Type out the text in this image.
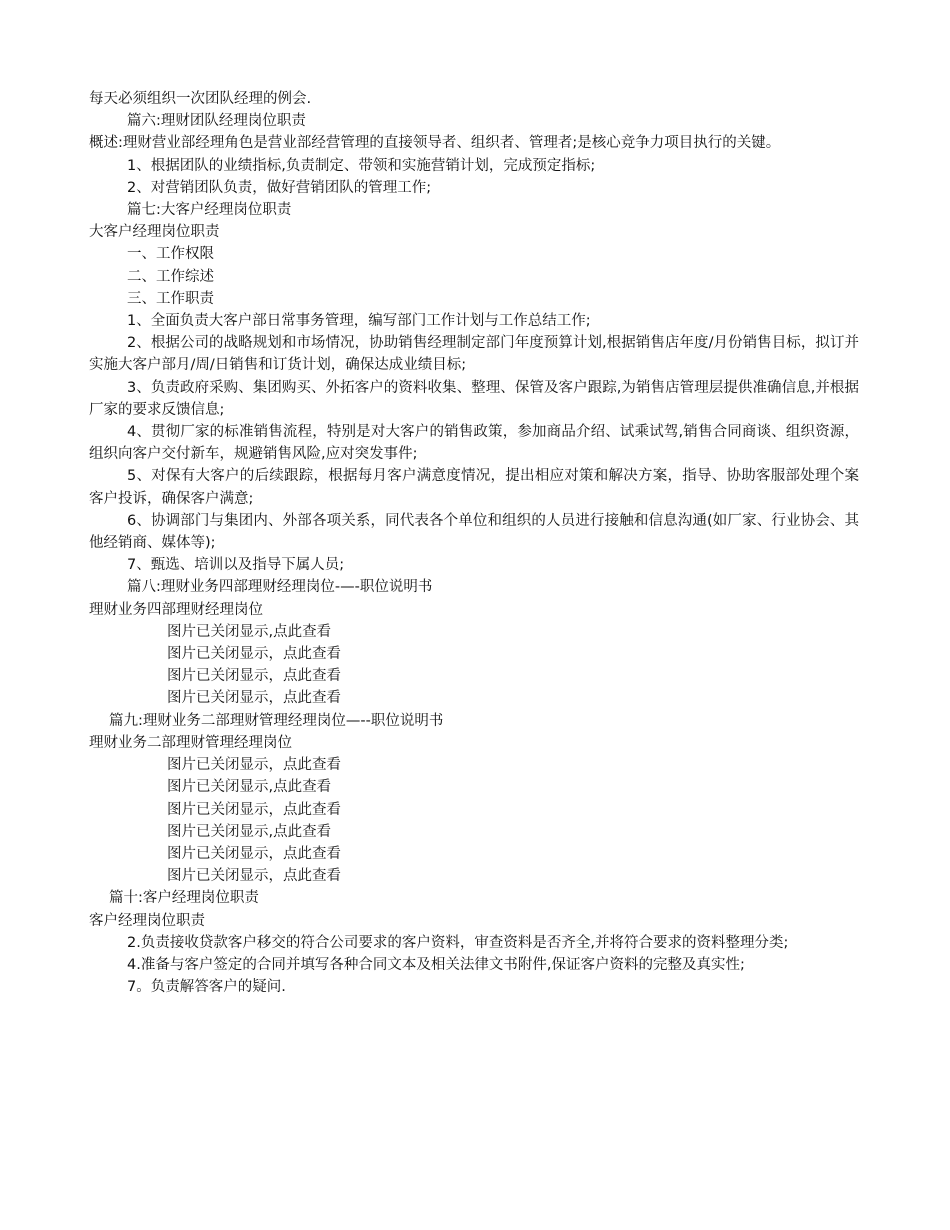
每天必须组织一次团队经理的例会.
篇六:理财团队经理岗位职责
概述:理财营业部经理角色是营业部经营管理的直接领导者、组织者、管理者;是核心竞争力项目执行的关键。
1、根据团队的业绩指标,负责制定、带领和实施营销计划，完成预定指标;
2、对营销团队负责，做好营销团队的管理工作;
篇七:大客户经理岗位职责
大客户经理岗位职责
一、工作权限
二、工作综述
三、工作职责
1、全面负责大客户部日常事务管理，编写部门工作计划与工作总结工作;
2、根据公司的战略规划和市场情况，协助销售经理制定部门年度预算计划,根据销售店年度/月份销售目标，拟订并实施大客户部月/周/日销售和订货计划，确保达成业绩目标;
3、负责政府采购、集团购买、外拓客户的资料收集、整理、保管及客户跟踪,为销售店管理层提供准确信息,并根据厂家的要求反馈信息;
4、贯彻厂家的标准销售流程，特别是对大客户的销售政策，参加商品介绍、试乘试驾,销售合同商谈、组织资源，组织向客户交付新车，规避销售风险,应对突发事件;
5、对保有大客户的后续跟踪，根据每月客户满意度情况，提出相应对策和解决方案，指导、协助客服部处理个案客户投诉，确保客户满意;
6、协调部门与集团内、外部各项关系，同代表各个单位和组织的人员进行接触和信息沟通(如厂家、行业协会、其他经销商、媒体等);
7、甄选、培训以及指导下属人员;
篇八:理财业务四部理财经理岗位-—-职位说明书
理财业务四部理财经理岗位
图片已关闭显示,点此查看
图片已关闭显示，点此查看
图片已关闭显示，点此查看
图片已关闭显示，点此查看
篇九:理财业务二部理财管理经理岗位—--职位说明书
理财业务二部理财管理经理岗位
图片已关闭显示，点此查看
图片已关闭显示,点此查看
图片已关闭显示，点此查看
图片已关闭显示,点此查看
图片已关闭显示，点此查看
图片已关闭显示，点此查看
篇十:客户经理岗位职责
客户经理岗位职责
2.负责接收贷款客户移交的符合公司要求的客户资料，审查资料是否齐全,并将符合要求的资料整理分类;
4.准备与客户签定的合同并填写各种合同文本及相关法律文书附件,保证客户资料的完整及真实性;
7。负责解答客户的疑问.
